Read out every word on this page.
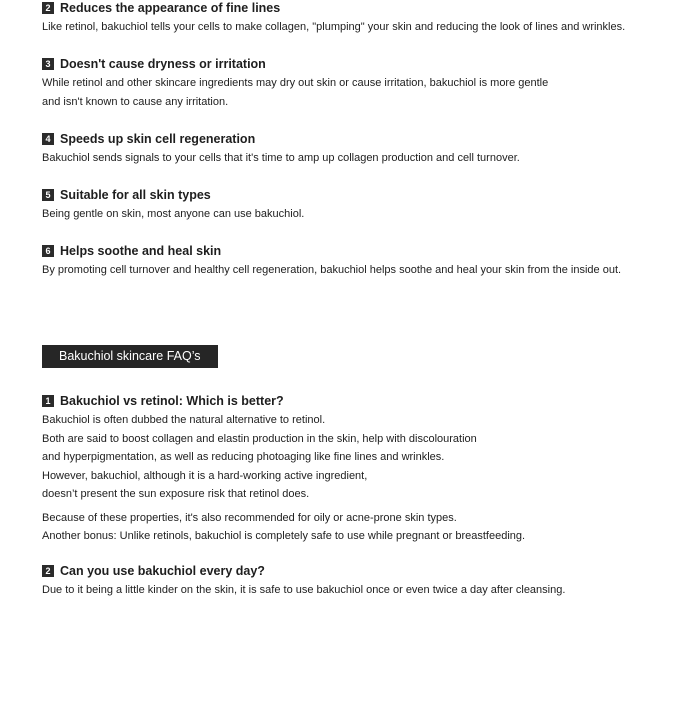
2 Reduces the appearance of fine lines

Like retinol, bakuchiol tells your cells to make collagen, "plumping" your skin and reducing the look of lines and wrinkles.

3 Doesn't cause dryness or irritation

While retinol and other skincare ingredients may dry out skin or cause irritation, bakuchiol is more gentle

and isn't known to cause any irritation.

4 Speeds up skin cell regeneration

Bakuchiol sends signals to your cells that it's time to amp up collagen production and cell turnover.

5 Suitable for all skin types

Being gentle on skin, most anyone can use bakuchiol.

6 Helps soothe and heal skin

By promoting cell turnover and healthy cell regeneration, bakuchiol helps soothe and heal your skin from the inside out.

Bakuchiol skincare FAQ’s
1 Bakuchiol vs retinol: Which is better?

Bakuchiol is often dubbed the natural alternative to retinol.

Both are said to boost collagen and elastin production in the skin, help with discolouration

and hyperpigmentation, as well as reducing photoaging like fine lines and wrinkles.

However, bakuchiol, although it is a hard-working active ingredient,

doesn’t present the sun exposure risk that retinol does.

Because of these properties, it's also recommended for oily or acne-prone skin types.

Another bonus: Unlike retinols, bakuchiol is completely safe to use while pregnant or breastfeeding.

2 Can you use bakuchiol every day?

Due to it being a little kinder on the skin, it is safe to use bakuchiol once or even twice a day after cleansing.
